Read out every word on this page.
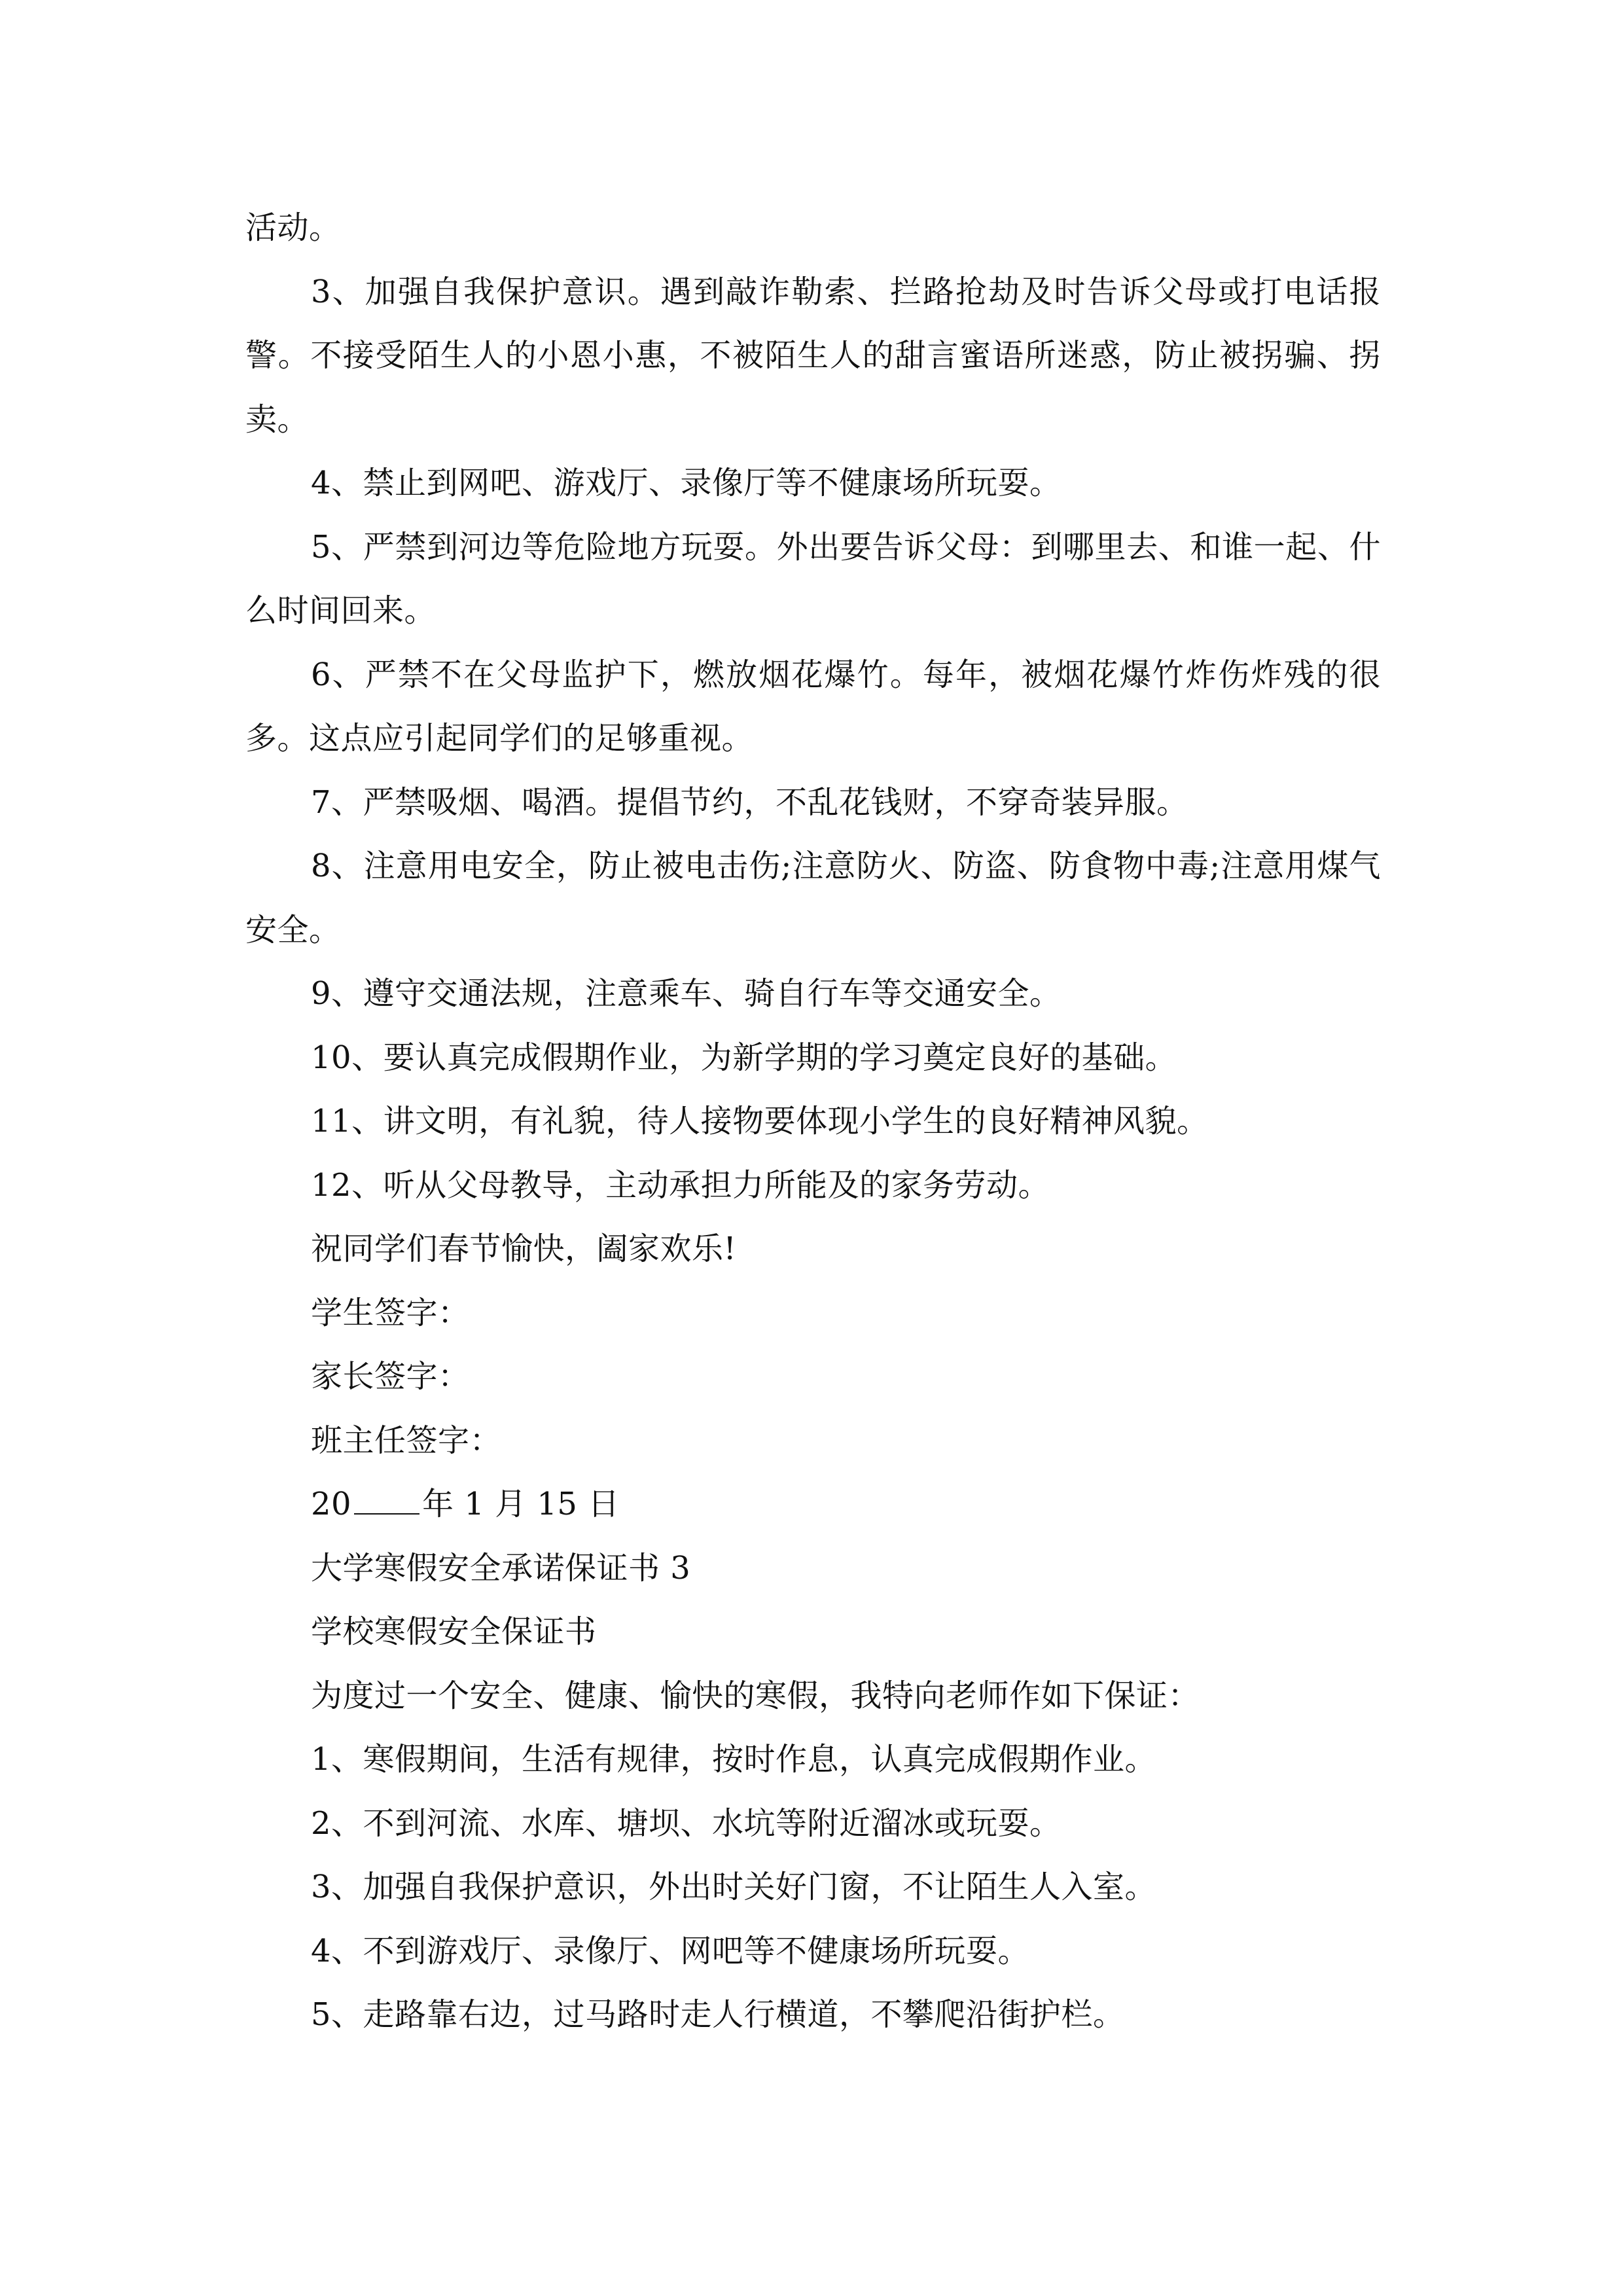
活动。

3、加强自我保护意识。遇到敲诈勒索、拦路抢劫及时告诉父母或打电话报警。不接受陌生人的小恩小惠，不被陌生人的甜言蜜语所迷惑，防止被拐骗、拐卖。

4、禁止到网吧、游戏厅、录像厅等不健康场所玩耍。

5、严禁到河边等危险地方玩耍。外出要告诉父母：到哪里去、和谁一起、什么时间回来。

6、严禁不在父母监护下，燃放烟花爆竹。每年，被烟花爆竹炸伤炸残的很多。这点应引起同学们的足够重视。

7、严禁吸烟、喝酒。提倡节约，不乱花钱财，不穿奇装异服。

8、注意用电安全，防止被电击伤;注意防火、防盗、防食物中毒;注意用煤气安全。

9、遵守交通法规，注意乘车、骑自行车等交通安全。

10、要认真完成假期作业，为新学期的学习奠定良好的基础。

11、讲文明，有礼貌，待人接物要体现小学生的良好精神风貌。

12、听从父母教导，主动承担力所能及的家务劳动。

祝同学们春节愉快，阖家欢乐!

学生签字：

家长签字：

班主任签字：

20 年 1 月 15 日

大学寒假安全承诺保证书 3

学校寒假安全保证书

为度过一个安全、健康、愉快的寒假，我特向老师作如下保证：

1、寒假期间，生活有规律，按时作息，认真完成假期作业。

2、不到河流、水库、塘坝、水坑等附近溜冰或玩耍。

3、加强自我保护意识，外出时关好门窗，不让陌生人入室。

4、不到游戏厅、录像厅、网吧等不健康场所玩耍。

5、走路靠右边，过马路时走人行横道，不攀爬沿街护栏。
